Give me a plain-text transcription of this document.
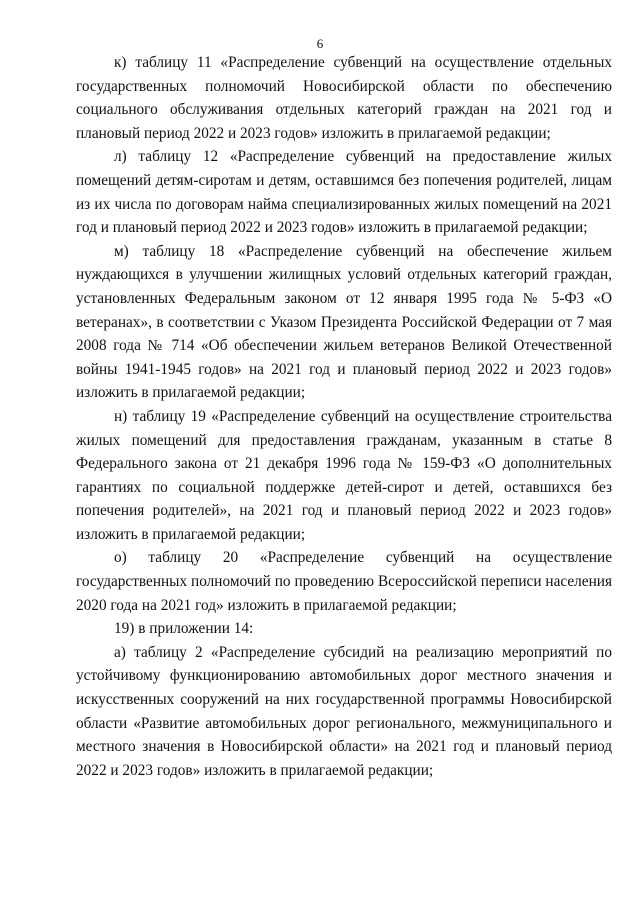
6

к) таблицу 11 «Распределение субвенций на осуществление отдельных государственных полномочий Новосибирской области по обеспечению социального обслуживания отдельных категорий граждан на 2021 год и плановый период 2022 и 2023 годов» изложить в прилагаемой редакции;

л) таблицу 12 «Распределение субвенций на предоставление жилых помещений детям-сиротам и детям, оставшимся без попечения родителей, лицам из их числа по договорам найма специализированных жилых помещений на 2021 год и плановый период 2022 и 2023 годов» изложить в прилагаемой редакции;

м) таблицу 18 «Распределение субвенций на обеспечение жильем нуждающихся в улучшении жилищных условий отдельных категорий граждан, установленных Федеральным законом от 12 января 1995 года № 5-ФЗ «О ветеранах», в соответствии с Указом Президента Российской Федерации от 7 мая 2008 года № 714 «Об обеспечении жильем ветеранов Великой Отечественной войны 1941-1945 годов» на 2021 год и плановый период 2022 и 2023 годов» изложить в прилагаемой редакции;

н) таблицу 19 «Распределение субвенций на осуществление строительства жилых помещений для предоставления гражданам, указанным в статье 8 Федерального закона от 21 декабря 1996 года № 159-ФЗ «О дополнительных гарантиях по социальной поддержке детей-сирот и детей, оставшихся без попечения родителей», на 2021 год и плановый период 2022 и 2023 годов» изложить в прилагаемой редакции;

о) таблицу 20 «Распределение субвенций на осуществление государственных полномочий по проведению Всероссийской переписи населения 2020 года на 2021 год» изложить в прилагаемой редакции;

19) в приложении 14:

а) таблицу 2 «Распределение субсидий на реализацию мероприятий по устойчивому функционированию автомобильных дорог местного значения и искусственных сооружений на них государственной программы Новосибирской области «Развитие автомобильных дорог регионального, межмуниципального и местного значения в Новосибирской области» на 2021 год и плановый период 2022 и 2023 годов» изложить в прилагаемой редакции;
